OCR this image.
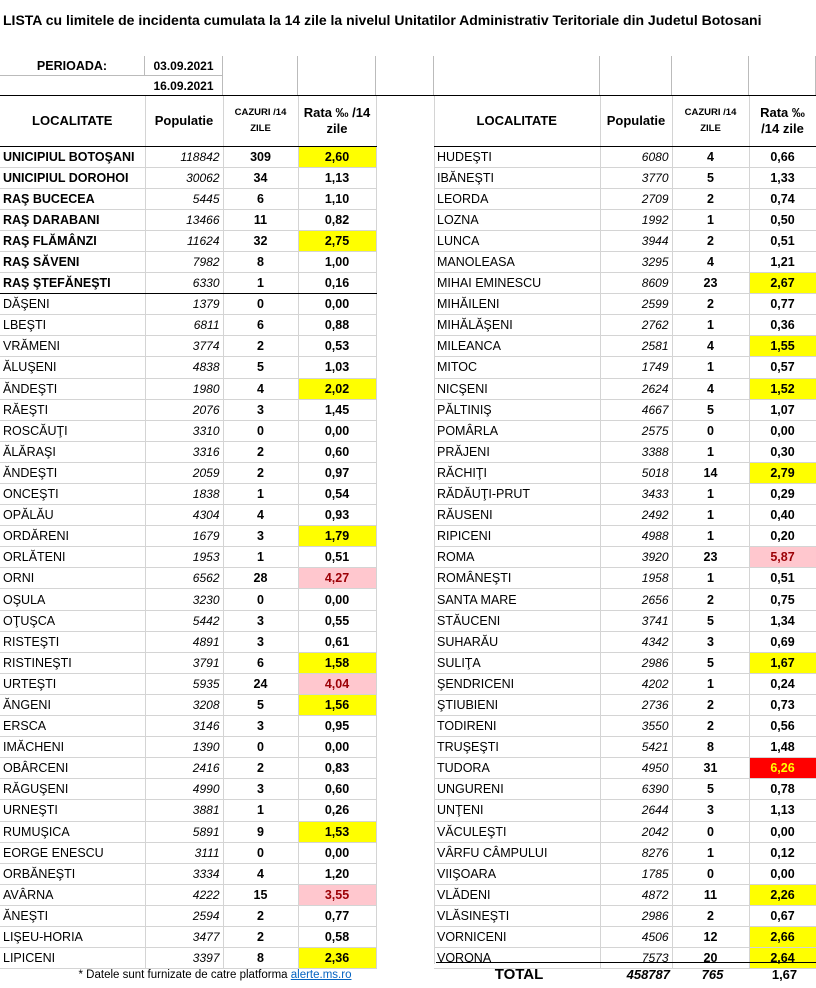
LISTA cu limitele de incidenta cumulata la 14 zile la nivelul Unitatilor Administrativ Teritoriale din Judetul Botosani
PERIOADA:	03.09.2021
16.09.2021
LOCALITATE	Populatie	CAZURI /14 ZILE	Rata ‰ /14 zile
UNICIPIUL BOTOŞANI	118842	309	2,60
UNICIPIUL DOROHOI	30062	34	1,13
RAŞ BUCECEA	5445	6	1,10
RAŞ DARABANI	13466	11	0,82
RAŞ FLĂMÂNZI	11624	32	2,75
RAŞ SĂVENI	7982	8	1,00
RAŞ ŞTEFĂNEŞTI	6330	1	0,16
DĂŞENI	1379	0	0,00
LBEŞTI	6811	6	0,88
VRĂMENI	3774	2	0,53
ĂLUŞENI	4838	5	1,03
ĂNDEŞTI	1980	4	2,02
RĂEŞTI	2076	3	1,45
ROSCĂUŢI	3310	0	0,00
ĂLĂRAŞI	3316	2	0,60
ĂNDEŞTI	2059	2	0,97
ONCEŞTI	1838	1	0,54
OPĂLĂU	4304	4	0,93
ORDĂRENI	1679	3	1,79
ORLĂTENI	1953	1	0,51
ORNI	6562	28	4,27
OŞULA	3230	0	0,00
OŢUŞCA	5442	3	0,55
RISTEŞTI	4891	3	0,61
RISTINEŞTI	3791	6	1,58
URTEŞTI	5935	24	4,04
ĂNGENI	3208	5	1,56
ERSCA	3146	3	0,95
IMĂCHENI	1390	0	0,00
OBÂRCENI	2416	2	0,83
RĂGUŞENI	4990	3	0,60
URNEŞTI	3881	1	0,26
RUMUŞICA	5891	9	1,53
EORGE ENESCU	3111	0	0,00
ORBĂNEŞTI	3334	4	1,20
AVÂRNA	4222	15	3,55
ĂNEŞTI	2594	2	0,77
LIŞEU-HORIA	3477	2	0,58
LIPICENI	3397	8	2,36
LOCALITATE	Populatie	CAZURI /14 ZILE	Rata ‰ /14 zile
HUDEŞTI	6080	4	0,66
IBĂNEŞTI	3770	5	1,33
LEORDA	2709	2	0,74
LOZNA	1992	1	0,50
LUNCA	3944	2	0,51
MANOLEASA	3295	4	1,21
MIHAI EMINESCU	8609	23	2,67
MIHĂILENI	2599	2	0,77
MIHĂLĂŞENI	2762	1	0,36
MILEANCA	2581	4	1,55
MITOC	1749	1	0,57
NICŞENI	2624	4	1,52
PĂLTINIŞ	4667	5	1,07
POMÂRLA	2575	0	0,00
PRĂJENI	3388	1	0,30
RĂCHIŢI	5018	14	2,79
RĂDĂUŢI-PRUT	3433	1	0,29
RĂUSENI	2492	1	0,40
RIPICENI	4988	1	0,20
ROMA	3920	23	5,87
ROMÂNEŞTI	1958	1	0,51
SANTA MARE	2656	2	0,75
STĂUCENI	3741	5	1,34
SUHARĂU	4342	3	0,69
SULIŢA	2986	5	1,67
ŞENDRICENI	4202	1	0,24
ŞTIUBIENI	2736	2	0,73
TODIRENI	3550	2	0,56
TRUŞEŞTI	5421	8	1,48
TUDORA	4950	31	6,26
UNGURENI	6390	5	0,78
UNŢENI	2644	3	1,13
VĂCULEŞTI	2042	0	0,00
VÂRFU CÂMPULUI	8276	1	0,12
VIIŞOARA	1785	0	0,00
VLĂDENI	4872	11	2,26
VLĂSINEŞTI	2986	2	0,67
VORNICENI	4506	12	2,66
VORONA	7573	20	2,64
* Datele sunt furnizate de catre platforma alerte.ms.ro	TOTAL	458787	765	1,67
